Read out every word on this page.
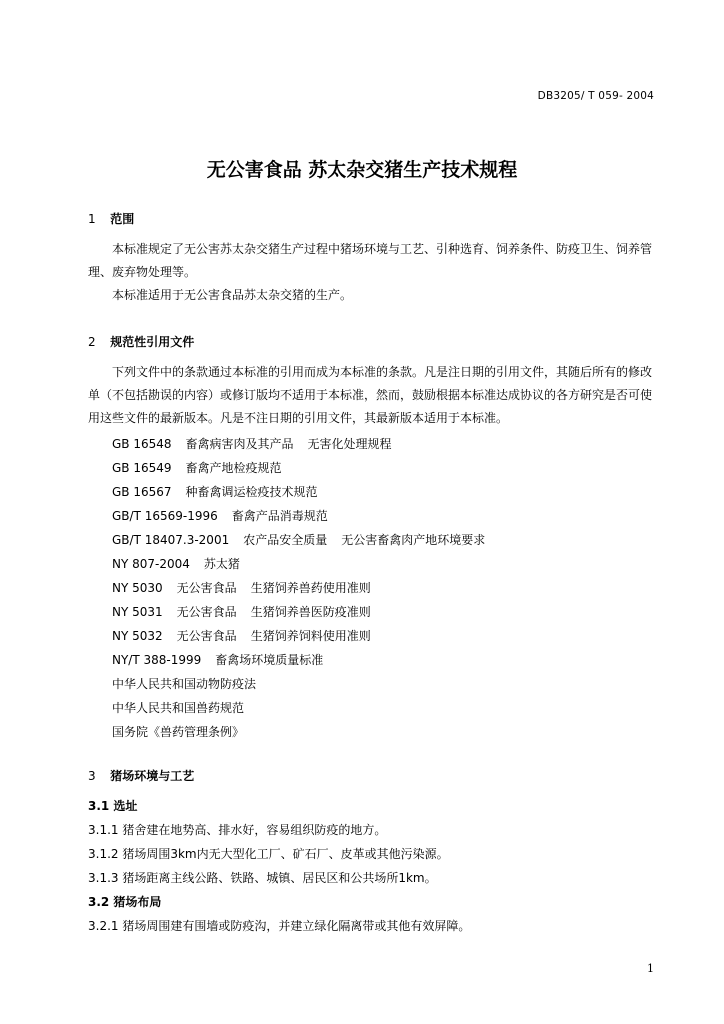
DB3205/ T 059- 2004
无公害食品 苏太杂交猪生产技术规程
1 范围
本标准规定了无公害苏太杂交猪生产过程中猪场环境与工艺、引种选育、饲养条件、防疫卫生、饲养管理、废弃物处理等。
本标准适用于无公害食品苏太杂交猪的生产。
2 规范性引用文件
下列文件中的条款通过本标准的引用而成为本标准的条款。凡是注日期的引用文件，其随后所有的修改单（不包括勘误的内容）或修订版均不适用于本标准，然而，鼓励根据本标准达成协议的各方研究是否可使用这些文件的最新版本。凡是不注日期的引用文件，其最新版本适用于本标准。
GB 16548 畜禽病害肉及其产品 无害化处理规程
GB 16549 畜禽产地检疫规范
GB 16567 种畜禽调运检疫技术规范
GB/T 16569-1996 畜禽产品消毒规范
GB/T 18407.3-2001 农产品安全质量 无公害畜禽肉产地环境要求
NY 807-2004 苏太猪
NY 5030 无公害食品 生猪饲养兽药使用准则
NY 5031 无公害食品 生猪饲养兽医防疫准则
NY 5032 无公害食品 生猪饲养饲料使用准则
NY/T 388-1999 畜禽场环境质量标准
中华人民共和国动物防疫法
中华人民共和国兽药规范
国务院《兽药管理条例》
3 猪场环境与工艺
3.1 选址
3.1.1 猪舍建在地势高、排水好，容易组织防疫的地方。
3.1.2 猪场周围3km内无大型化工厂、矿石厂、皮革或其他污染源。
3.1.3 猪场距离主线公路、铁路、城镇、居民区和公共场所1km。
3.2 猪场布局
3.2.1 猪场周围建有围墙或防疫沟，并建立绿化隔离带或其他有效屏障。
1
